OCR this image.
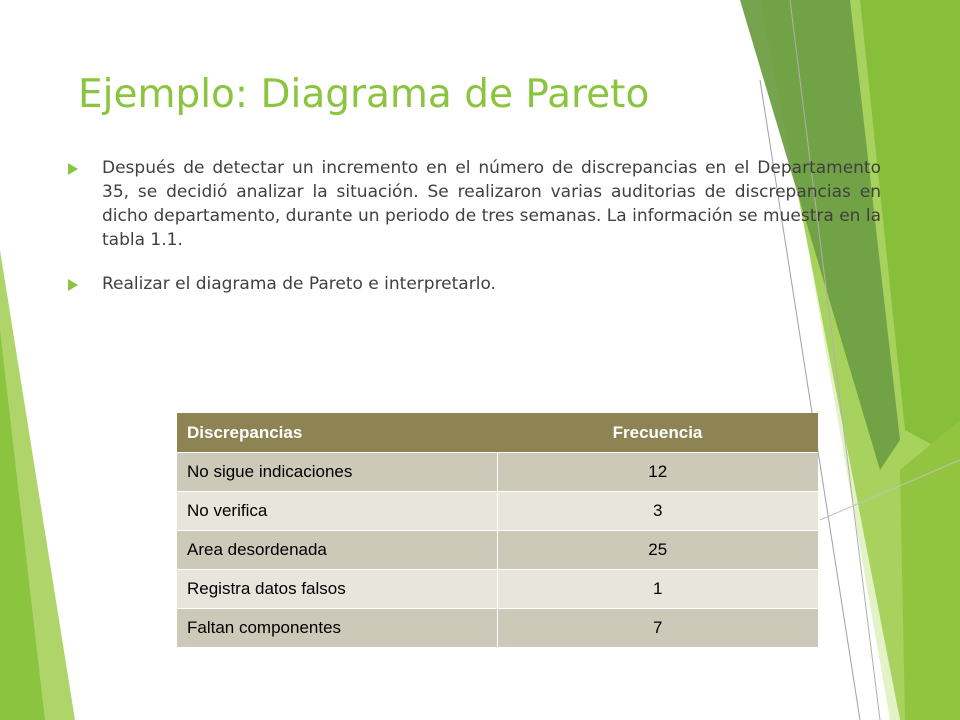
Ejemplo: Diagrama de Pareto
Después de detectar un incremento en el número de discrepancias en el Departamento 35, se decidió analizar la situación. Se realizaron varias auditorias de discrepancias en dicho departamento, durante un periodo de tres semanas. La información se muestra en la tabla 1.1.
Realizar el diagrama de Pareto e interpretarlo.
Discrepancias	Frecuencia
No sigue indicaciones	12
No verifica	3
Area desordenada	25
Registra datos falsos	1
Faltan componentes	7
